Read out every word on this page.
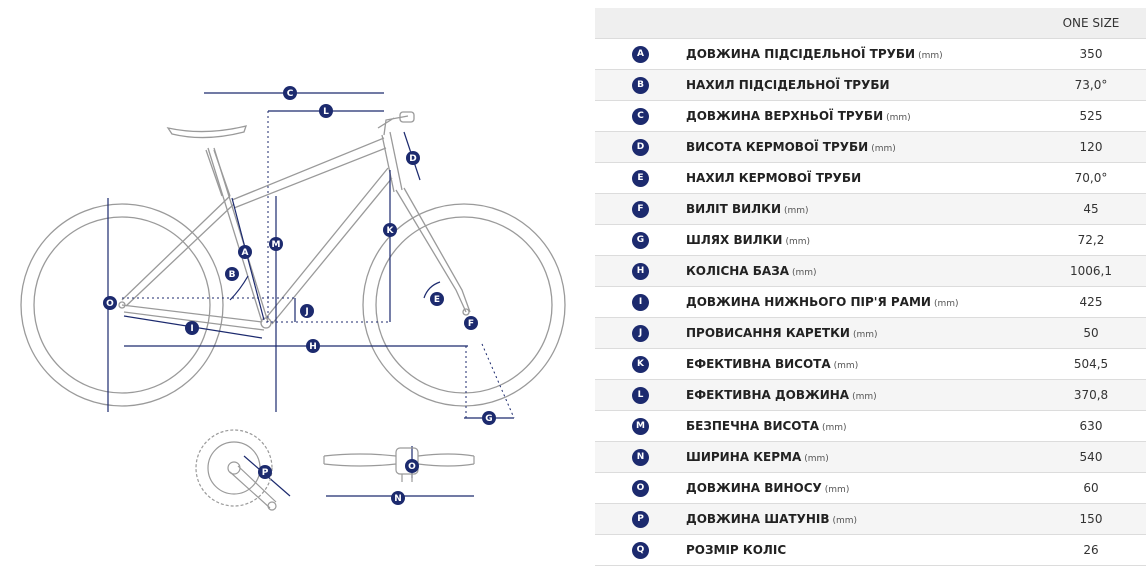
A
B
C
D
E
F
G
H
I
J
K
L
M
N
O
P
O
ONE SIZE
A	ДОВЖИНА ПІДСІДЕЛЬНОЇ ТРУБИ (mm)	350
B	НАХИЛ ПІДСІДЕЛЬНОЇ ТРУБИ	73,0°
C	ДОВЖИНА ВЕРХНЬОЇ ТРУБИ (mm)	525
D	ВИСОТА КЕРМОВОЇ ТРУБИ (mm)	120
E	НАХИЛ КЕРМОВОЇ ТРУБИ	70,0°
F	ВИЛІТ ВИЛКИ (mm)	45
G	ШЛЯХ ВИЛКИ (mm)	72,2
H	КОЛІСНА БАЗА (mm)	1006,1
I	ДОВЖИНА НИЖНЬОГО ПІР'Я РАМИ (mm)	425
J	ПРОВИСАННЯ КАРЕТКИ (mm)	50
K	ЕФЕКТИВНА ВИСОТА (mm)	504,5
L	ЕФЕКТИВНА ДОВЖИНА (mm)	370,8
M	БЕЗПЕЧНА ВИСОТА (mm)	630
N	ШИРИНА КЕРМА (mm)	540
O	ДОВЖИНА ВИНОСУ (mm)	60
P	ДОВЖИНА ШАТУНІВ (mm)	150
Q	РОЗМІР КОЛІС	26
